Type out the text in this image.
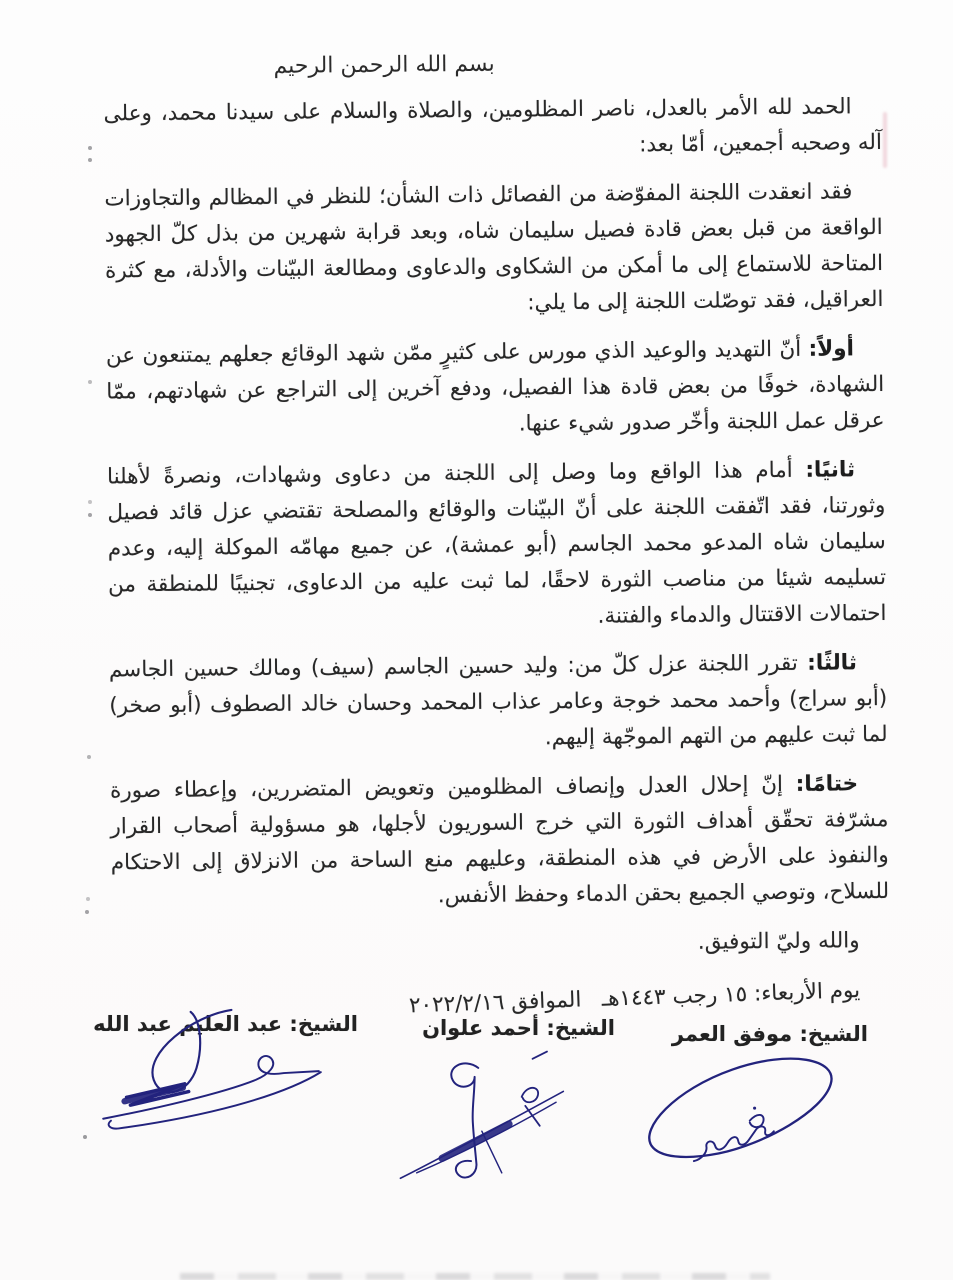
بسم الله الرحمن الرحيم

الحمد لله الأمر بالعدل، ناصر المظلومين، والصلاة والسلام على سيدنا محمد، وعلى آله وصحبه أجمعين، أمّا بعد:

فقد انعقدت اللجنة المفوّضة من الفصائل ذات الشأن؛ للنظر في المظالم والتجاوزات الواقعة من قبل بعض قادة فصيل سليمان شاه، وبعد قرابة شهرين من بذل كلّ الجهود المتاحة للاستماع إلى ما أمكن من الشكاوى والدعاوى ومطالعة البيّنات والأدلة، مع كثرة العراقيل، فقد توصّلت اللجنة إلى ما يلي:

أولاً: أنّ التهديد والوعيد الذي مورس على كثيرٍ ممّن شهد الوقائع جعلهم يمتنعون عن الشهادة، خوفًا من بعض قادة هذا الفصيل، ودفع آخرين إلى التراجع عن شهادتهم، ممّا عرقل عمل اللجنة وأخّر صدور شيء عنها.

ثانيًا: أمام هذا الواقع وما وصل إلى اللجنة من دعاوى وشهادات، ونصرةً لأهلنا وثورتنا، فقد اتّفقت اللجنة على أنّ البيّنات والوقائع والمصلحة تقتضي عزل قائد فصيل سليمان شاه المدعو محمد الجاسم (أبو عمشة)، عن جميع مهامّه الموكلة إليه، وعدم تسليمه شيئا من مناصب الثورة لاحقًا، لما ثبت عليه من الدعاوى، تجنيبًا للمنطقة من احتمالات الاقتتال والدماء والفتنة.

ثالثًا: تقرر اللجنة عزل كلّ من: وليد حسين الجاسم (سيف) ومالك حسين الجاسم (أبو سراج) وأحمد محمد خوجة وعامر عذاب المحمد وحسان خالد الصطوف (أبو صخر) لما ثبت عليهم من التهم الموجّهة إليهم.

ختامًا: إنّ إحلال العدل وإنصاف المظلومين وتعويض المتضررين، وإعطاء صورة مشرّفة تحقّق أهداف الثورة التي خرج السوريون لأجلها، هو مسؤولية أصحاب القرار والنفوذ على الأرض في هذه المنطقة، وعليهم منع الساحة من الانزلاق إلى الاحتكام للسلاح، وتوصي الجميع بحقن الدماء وحفظ الأنفس.

والله وليّ التوفيق.

يوم الأربعاء: ١٥ رجب ١٤٤٣هـ   الموافق ٢٠٢٢/٢/١٦

الشيخ: موفق العمر
الشيخ: أحمد علوان
الشيخ: عبد العليم عبد الله
